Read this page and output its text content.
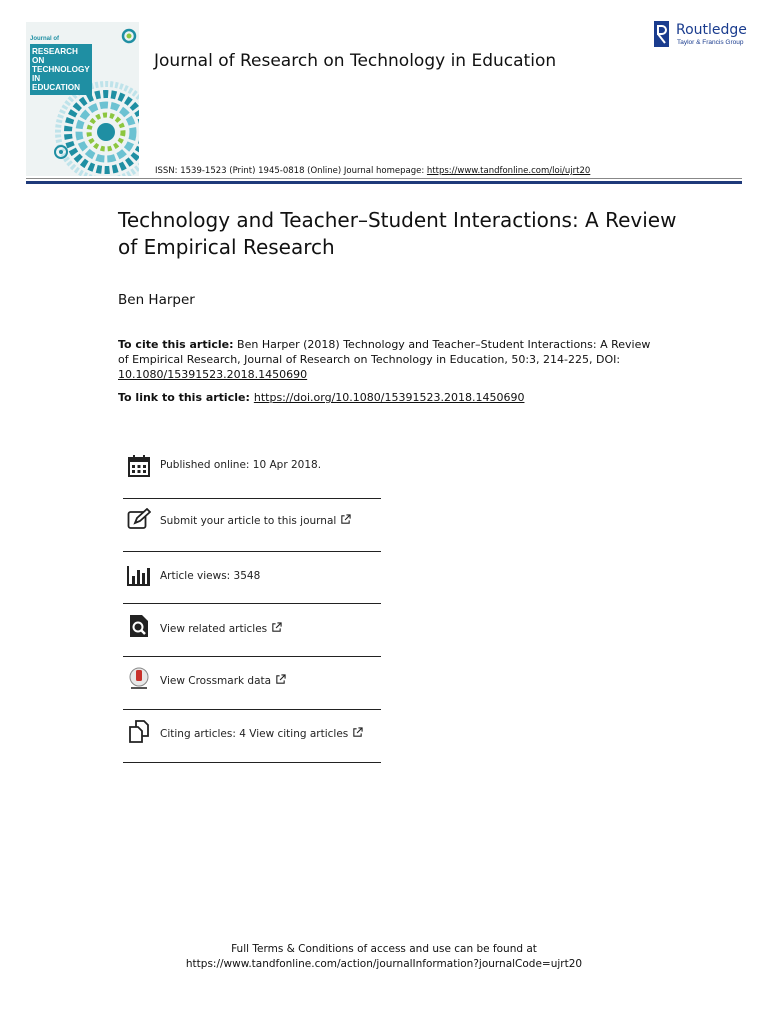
Journal of
RESEARCH ON
TECHNOLOGY
IN EDUCATION
Journal of Research on Technology in Education
Routledge
Taylor & Francis Group
ISSN: 1539-1523 (Print) 1945-0818 (Online) Journal homepage: https://www.tandfonline.com/loi/ujrt20
Technology and Teacher–Student Interactions: A Review of Empirical Research
Ben Harper
To cite this article: Ben Harper (2018) Technology and Teacher–Student Interactions: A Review of Empirical Research, Journal of Research on Technology in Education, 50:3, 214-225, DOI: 10.1080/15391523.2018.1450690
To link to this article: https://doi.org/10.1080/15391523.2018.1450690
Published online: 10 Apr 2018.
Submit your article to this journal
Article views: 3548
View related articles
View Crossmark data
Citing articles: 4 View citing articles
Full Terms & Conditions of access and use can be found at
https://www.tandfonline.com/action/journalInformation?journalCode=ujrt20
